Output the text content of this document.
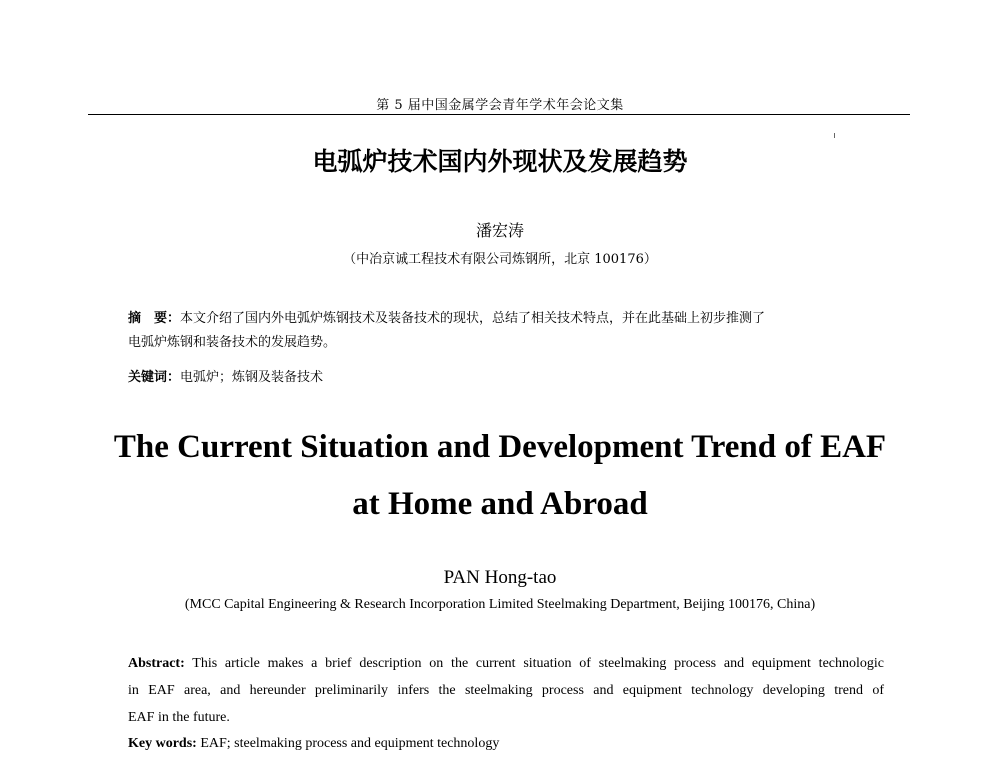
第 5 届中国金属学会青年学术年会论文集
电弧炉技术国内外现状及发展趋势
潘宏涛
（中冶京诚工程技术有限公司炼钢所，北京 100176）
摘　要：本文介绍了国内外电弧炉炼钢技术及装备技术的现状，总结了相关技术特点，并在此基础上初步推测了
电弧炉炼钢和装备技术的发展趋势。
关键词：电弧炉；炼钢及装备技术
The Current Situation and Development Trend of EAF
at Home and Abroad
PAN Hong-tao
(MCC Capital Engineering & Research Incorporation Limited Steelmaking Department, Beijing 100176, China)
Abstract: This article makes a brief description on the current situation of steelmaking process and equipment technologic
in EAF area, and hereunder preliminarily infers the steelmaking process and equipment technology developing trend of
EAF in the future.
Key words: EAF; steelmaking process and equipment technology
